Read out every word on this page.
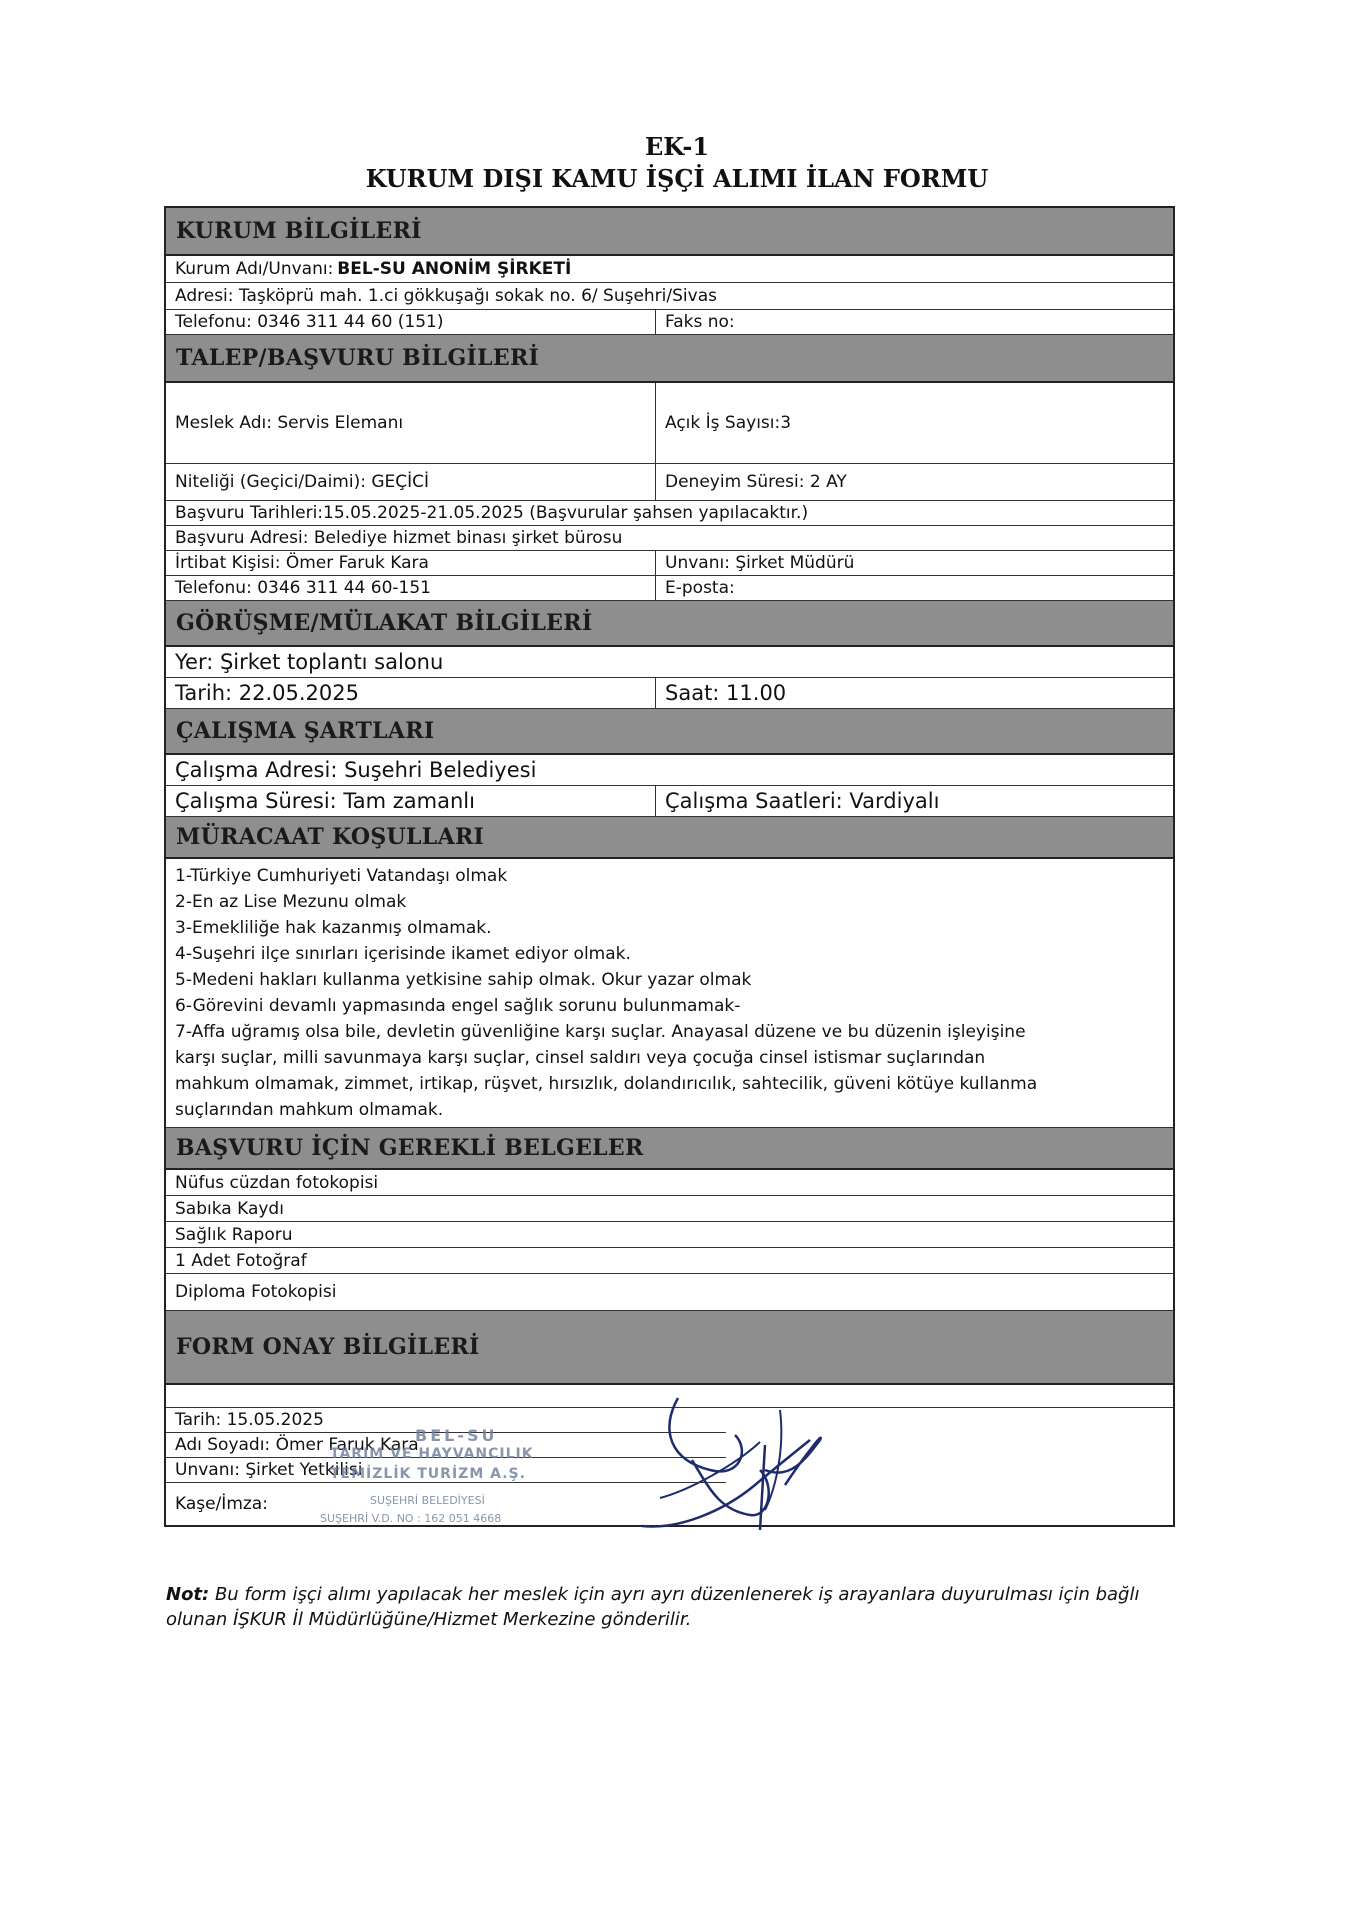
EK-1
KURUM DIŞI KAMU İŞÇİ ALIMI İLAN FORMU
KURUM BİLGİLERİ
Kurum Adı/Unvanı: BEL-SU ANONİM ŞİRKETİ
Adresi: Taşköprü mah. 1.ci gökkuşağı sokak no. 6/ Suşehri/Sivas
Telefonu: 0346 311 44 60 (151)	Faks no:
TALEP/BAŞVURU BİLGİLERİ
Meslek Adı: Servis Elemanı	Açık İş Sayısı:3
Niteliği (Geçici/Daimi): GEÇİCİ	Deneyim Süresi: 2 AY
Başvuru Tarihleri:15.05.2025-21.05.2025 (Başvurular şahsen yapılacaktır.)
Başvuru Adresi: Belediye hizmet binası şirket bürosu
İrtibat Kişisi: Ömer Faruk Kara	Unvanı: Şirket Müdürü
Telefonu: 0346 311 44 60-151	E-posta:
GÖRÜŞME/MÜLAKAT BİLGİLERİ
Yer: Şirket toplantı salonu
Tarih: 22.05.2025	Saat: 11.00
ÇALIŞMA ŞARTLARI
Çalışma Adresi: Suşehri Belediyesi
Çalışma Süresi: Tam zamanlı	Çalışma Saatleri: Vardiyalı
MÜRACAAT KOŞULLARI
1-Türkiye Cumhuriyeti Vatandaşı olmak
2-En az Lise Mezunu olmak
3-Emekliliğe hak kazanmış olmamak.
4-Suşehri ilçe sınırları içerisinde ikamet ediyor olmak.
5-Medeni hakları kullanma yetkisine sahip olmak. Okur yazar olmak
6-Görevini devamlı yapmasında engel sağlık sorunu bulunmamak-
7-Affa uğramış olsa bile, devletin güvenliğine karşı suçlar. Anayasal düzene ve bu düzenin işleyişine
karşı suçlar, milli savunmaya karşı suçlar, cinsel saldırı veya çocuğa cinsel istismar suçlarından
mahkum olmamak, zimmet, irtikap, rüşvet, hırsızlık, dolandırıcılık, sahtecilik, güveni kötüye kullanma
suçlarından mahkum olmamak.
BAŞVURU İÇİN GEREKLİ BELGELER
Nüfus cüzdan fotokopisi
Sabıka Kaydı
Sağlık Raporu
1 Adet Fotoğraf
Diploma Fotokopisi
FORM ONAY BİLGİLERİ
Tarih: 15.05.2025
Adı Soyadı: Ömer Faruk Kara
Unvanı: Şirket Yetkilisi
Kaşe/İmza:
BEL-SU
TARIM VE HAYVANCILIK
TEMİZLİK TURİZM A.Ş.
SUŞEHRİ BELEDİYESİ
SUŞEHRİ V.D. NO : 162 051 4668
Not: Bu form işçi alımı yapılacak her meslek için ayrı ayrı düzenlenerek iş arayanlara duyurulması için bağlı olunan İŞKUR İl Müdürlüğüne/Hizmet Merkezine gönderilir.
